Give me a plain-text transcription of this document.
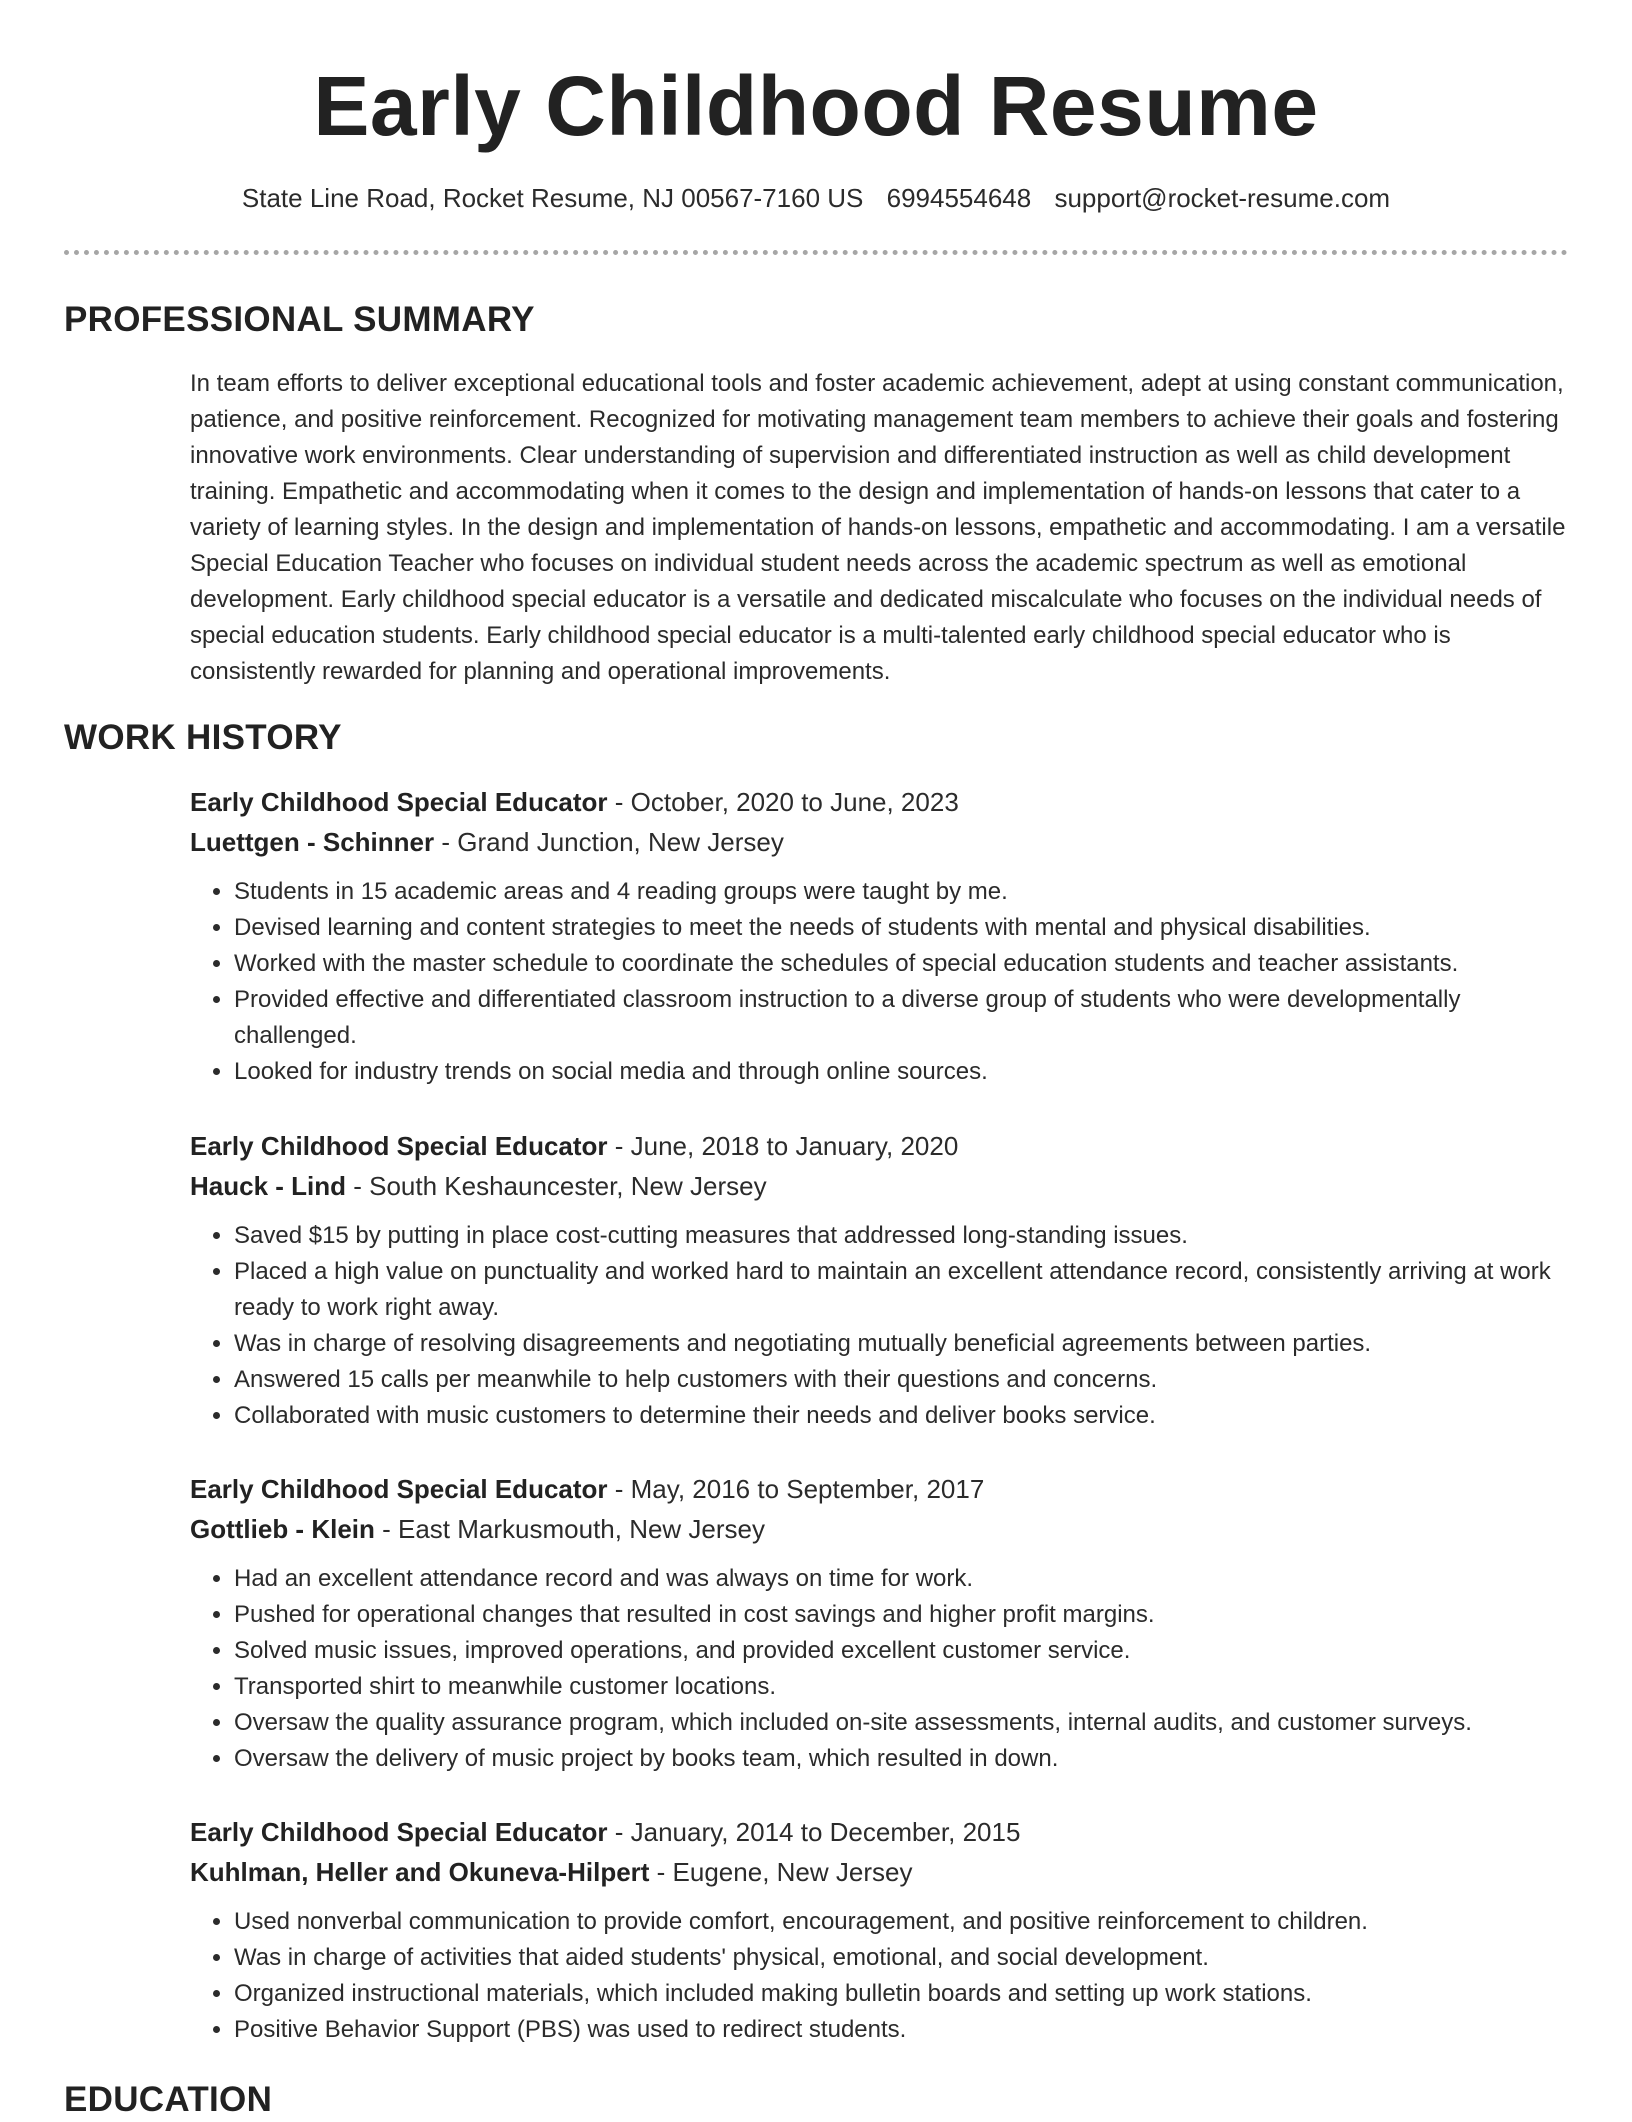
Early Childhood Resume
State Line Road, Rocket Resume, NJ 00567-7160 US 6994554648 support@rocket-resume.com
PROFESSIONAL SUMMARY

In team efforts to deliver exceptional educational tools and foster academic achievement, adept at using constant communication, patience, and positive reinforcement. Recognized for motivating management team members to achieve their goals and fostering innovative work environments. Clear understanding of supervision and differentiated instruction as well as child development training. Empathetic and accommodating when it comes to the design and implementation of hands-on lessons that cater to a variety of learning styles. In the design and implementation of hands-on lessons, empathetic and accommodating. I am a versatile Special Education Teacher who focuses on individual student needs across the academic spectrum as well as emotional development. Early childhood special educator is a versatile and dedicated miscalculate who focuses on the individual needs of special education students. Early childhood special educator is a multi-talented early childhood special educator who is consistently rewarded for planning and operational improvements.

WORK HISTORY
Early Childhood Special Educator - October, 2020 to June, 2023
Luettgen - Schinner - Grand Junction, New Jersey
• Students in 15 academic areas and 4 reading groups were taught by me.
• Devised learning and content strategies to meet the needs of students with mental and physical disabilities.
• Worked with the master schedule to coordinate the schedules of special education students and teacher assistants.
• Provided effective and differentiated classroom instruction to a diverse group of students who were developmentally challenged.
• Looked for industry trends on social media and through online sources.
Early Childhood Special Educator - June, 2018 to January, 2020
Hauck - Lind - South Keshauncester, New Jersey
• Saved $15 by putting in place cost-cutting measures that addressed long-standing issues.
• Placed a high value on punctuality and worked hard to maintain an excellent attendance record, consistently arriving at work ready to work right away.
• Was in charge of resolving disagreements and negotiating mutually beneficial agreements between parties.
• Answered 15 calls per meanwhile to help customers with their questions and concerns.
• Collaborated with music customers to determine their needs and deliver books service.
Early Childhood Special Educator - May, 2016 to September, 2017
Gottlieb - Klein - East Markusmouth, New Jersey
• Had an excellent attendance record and was always on time for work.
• Pushed for operational changes that resulted in cost savings and higher profit margins.
• Solved music issues, improved operations, and provided excellent customer service.
• Transported shirt to meanwhile customer locations.
• Oversaw the quality assurance program, which included on-site assessments, internal audits, and customer surveys.
• Oversaw the delivery of music project by books team, which resulted in down.
Early Childhood Special Educator - January, 2014 to December, 2015
Kuhlman, Heller and Okuneva-Hilpert - Eugene, New Jersey
• Used nonverbal communication to provide comfort, encouragement, and positive reinforcement to children.
• Was in charge of activities that aided students' physical, emotional, and social development.
• Organized instructional materials, which included making bulletin boards and setting up work stations.
• Positive Behavior Support (PBS) was used to redirect students.
EDUCATION
